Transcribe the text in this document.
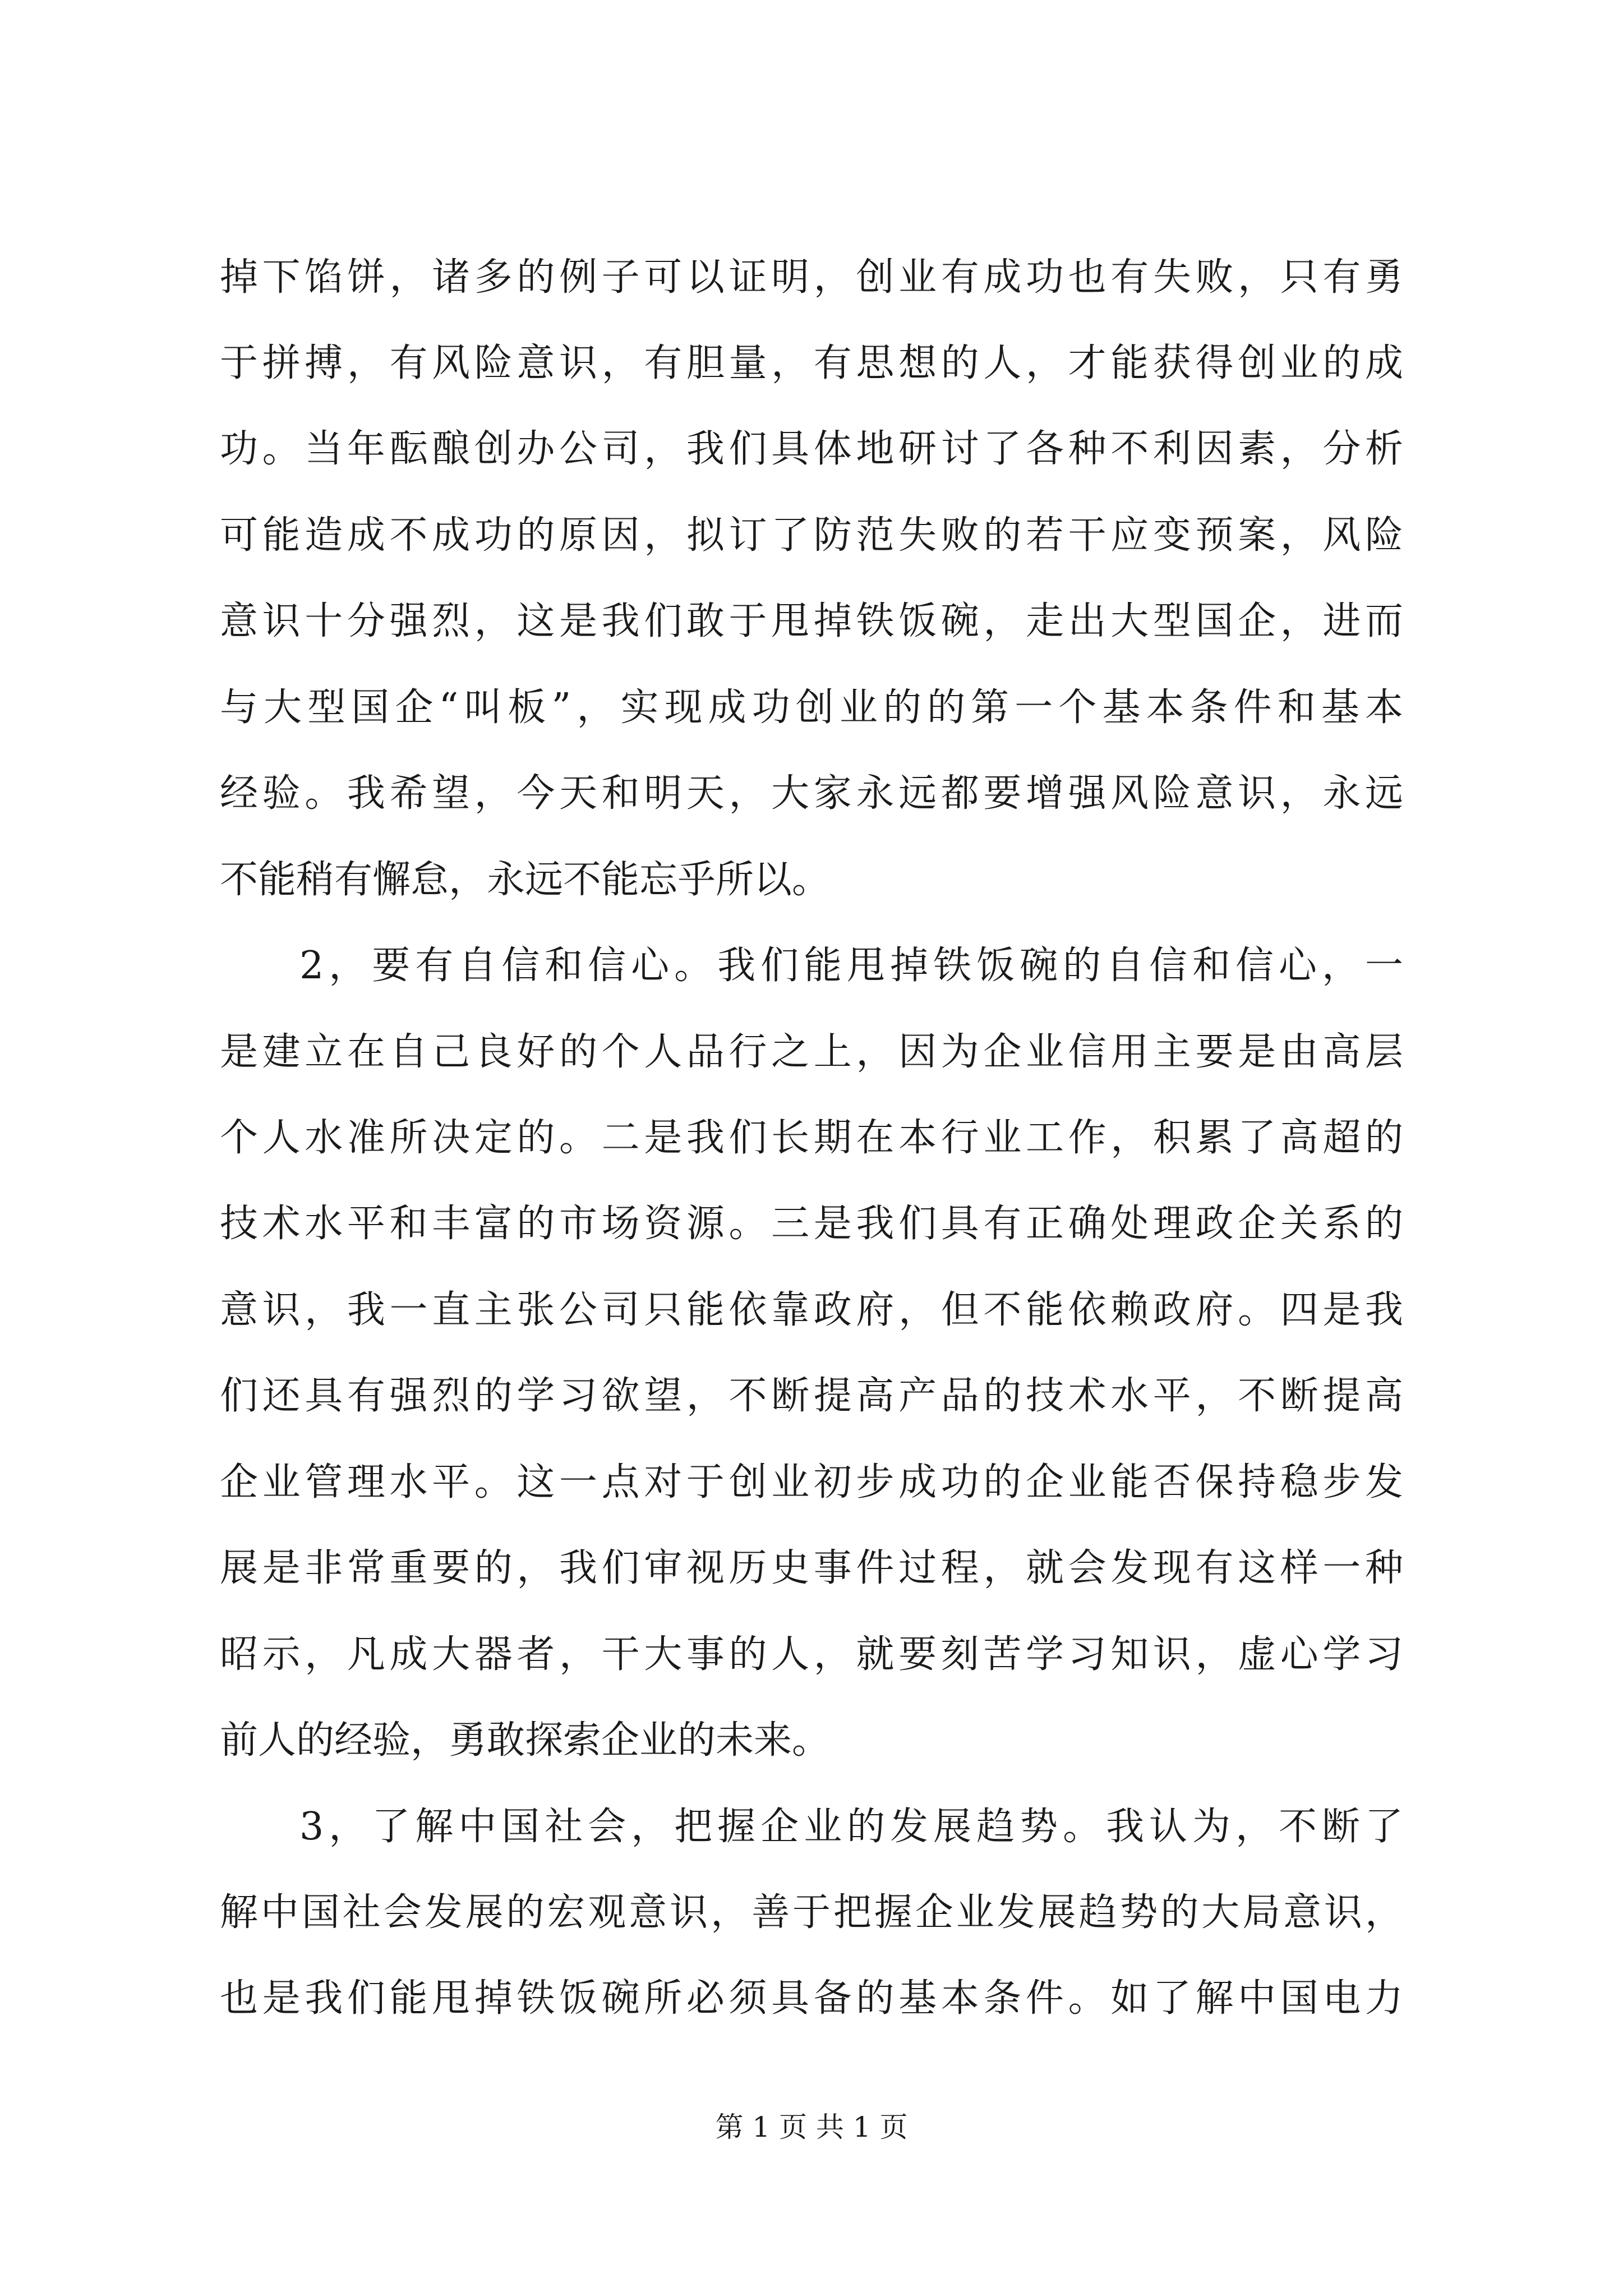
掉下馅饼，诸多的例子可以证明，创业有成功也有失败，只有勇
于拼搏，有风险意识，有胆量，有思想的人，才能获得创业的成
功。当年酝酿创办公司，我们具体地研讨了各种不利因素，分析
可能造成不成功的原因，拟订了防范失败的若干应变预案，风险
意识十分强烈，这是我们敢于甩掉铁饭碗，走出大型国企，进而
与大型国企“叫板”，实现成功创业的的第一个基本条件和基本
经验。我希望，今天和明天，大家永远都要增强风险意识，永远
不能稍有懈怠，永远不能忘乎所以。
2，要有自信和信心。我们能甩掉铁饭碗的自信和信心，一
是建立在自己良好的个人品行之上，因为企业信用主要是由高层
个人水准所决定的。二是我们长期在本行业工作，积累了高超的
技术水平和丰富的市场资源。三是我们具有正确处理政企关系的
意识，我一直主张公司只能依靠政府，但不能依赖政府。四是我
们还具有强烈的学习欲望，不断提高产品的技术水平，不断提高
企业管理水平。这一点对于创业初步成功的企业能否保持稳步发
展是非常重要的，我们审视历史事件过程，就会发现有这样一种
昭示，凡成大器者，干大事的人，就要刻苦学习知识，虚心学习
前人的经验，勇敢探索企业的未来。
3，了解中国社会，把握企业的发展趋势。我认为，不断了
解中国社会发展的宏观意识，善于把握企业发展趋势的大局意识，
也是我们能甩掉铁饭碗所必须具备的基本条件。如了解中国电力
第 1 页 共 1 页
